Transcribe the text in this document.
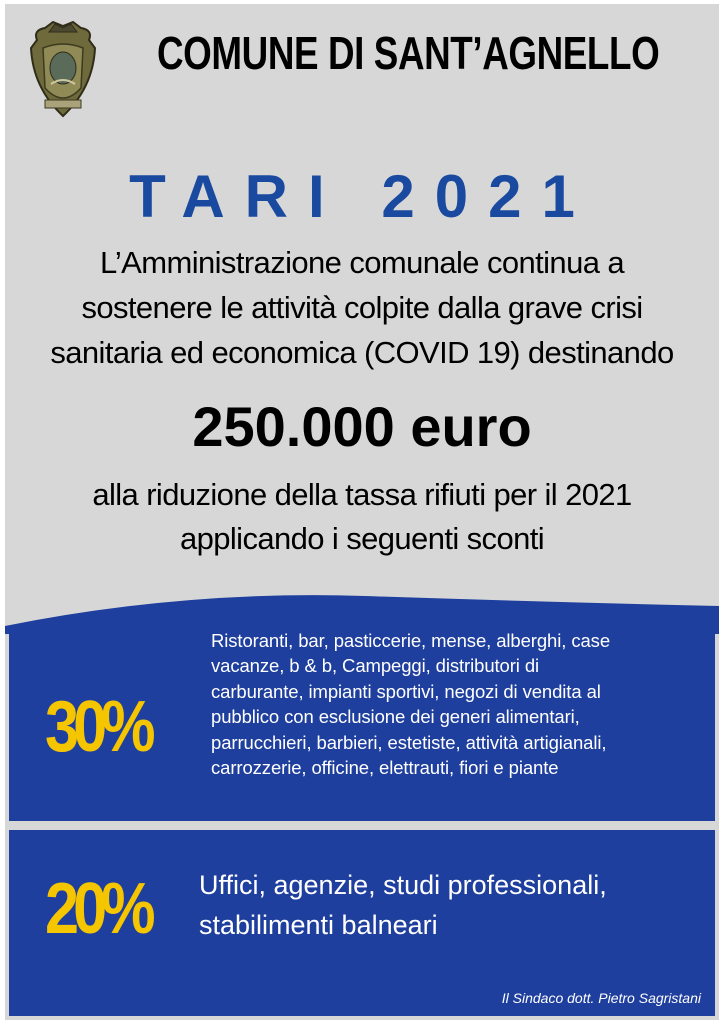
COMUNE DI SANT’AGNELLO
TARI 2021
L’Amministrazione comunale continua a
sostenere le attività colpite dalla grave crisi
sanitaria ed economica (COVID 19) destinando
250.000 euro
alla riduzione della tassa rifiuti per il 2021
applicando i seguenti sconti
30%
Ristoranti, bar, pasticcerie, mense, alberghi, case
vacanze, b & b, Campeggi, distributori di
carburante, impianti sportivi, negozi di vendita al
pubblico con esclusione dei generi alimentari,
parrucchieri, barbieri, estetiste, attività artigianali,
carrozzerie, officine, elettrauti, fiori e piante
20% Uffici, agenzie, studi professionali,
stabilimenti balneari
Il Sindaco dott. Pietro Sagristani
